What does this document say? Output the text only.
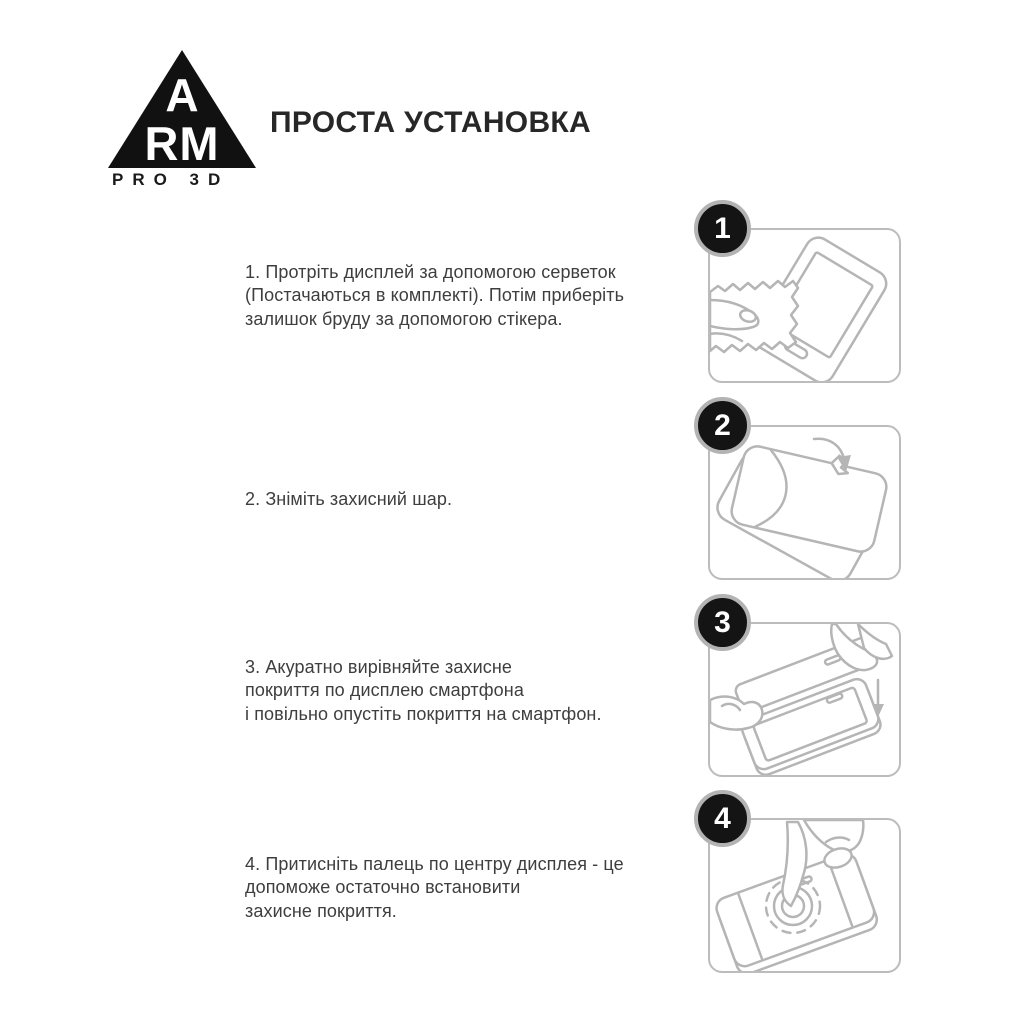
A
RM
PRO 3D
ПРОСТА УСТАНОВКА
1. Протріть дисплей за допомогою серветок
(Постачаються в комплекті). Потім приберіть
залишок бруду за допомогою стікера.
1
2. Зніміть захисний шар.
2
3. Акуратно вирівняйте захисне
покриття по дисплею смартфона
і повільно опустіть покриття на смартфон.
3
4. Притисніть палець по центру дисплея - це
допоможе остаточно встановити
захисне покриття.
4
